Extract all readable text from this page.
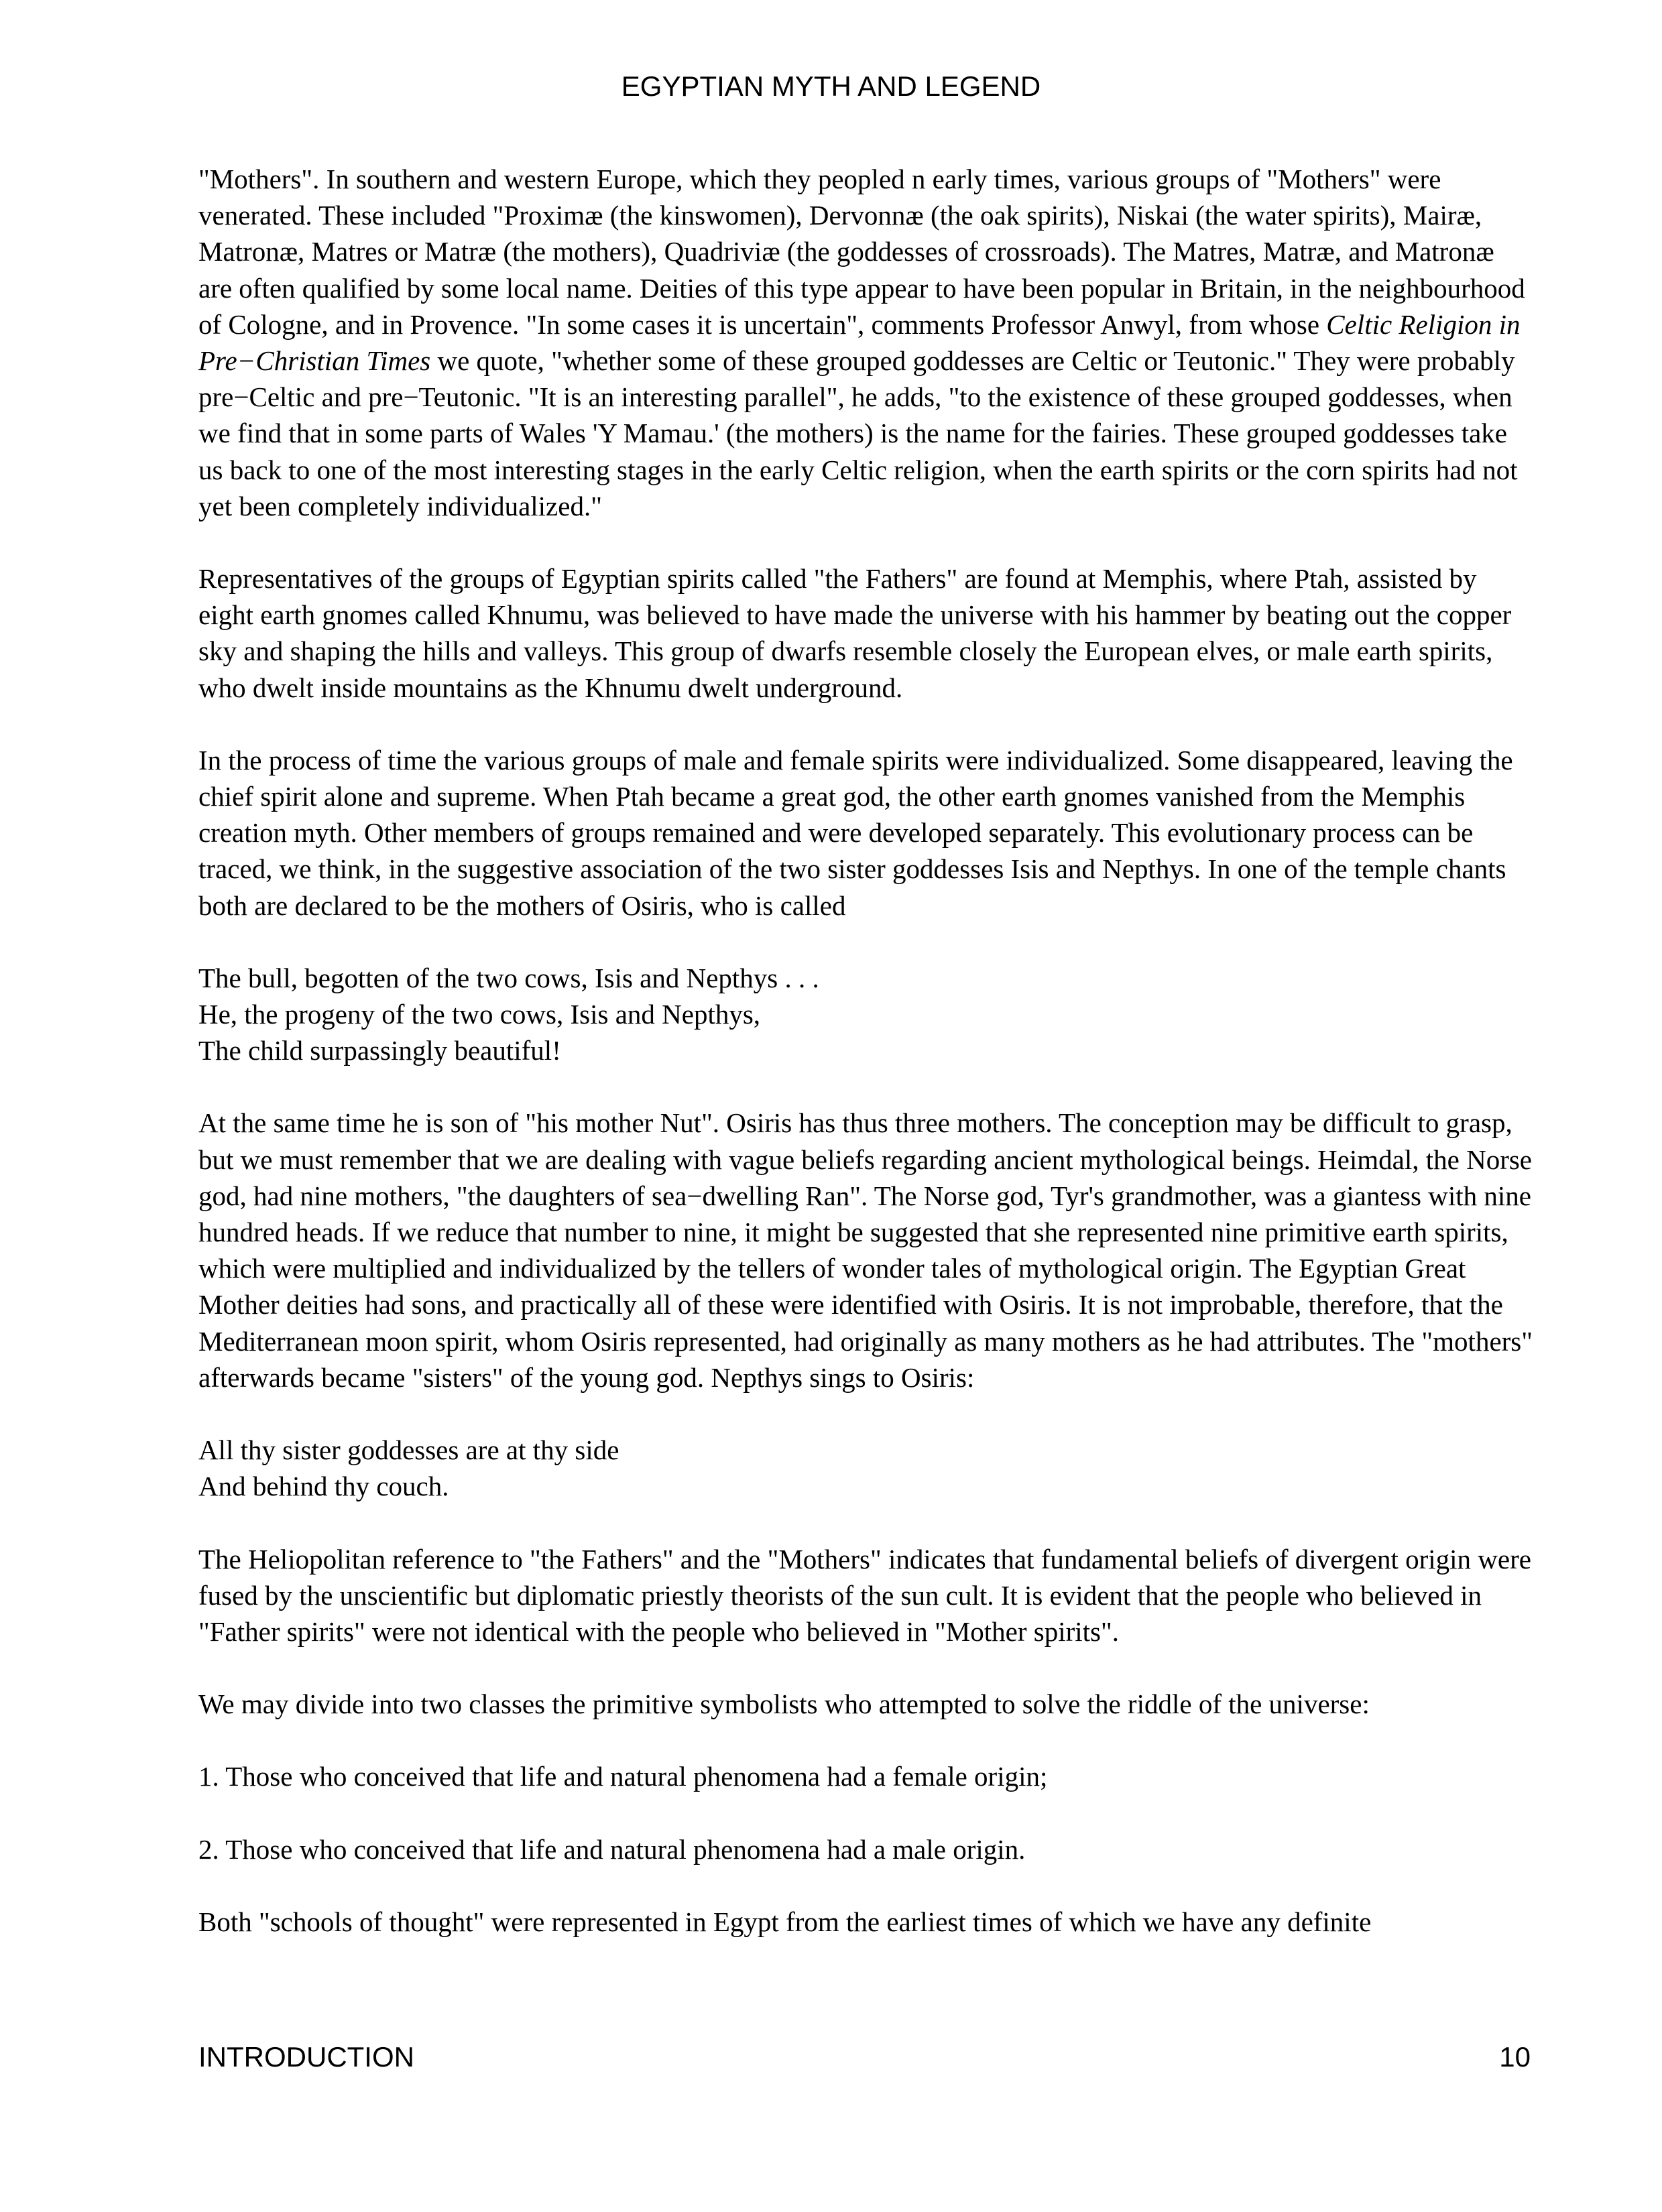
EGYPTIAN MYTH AND LEGEND

"Mothers". In southern and western Europe, which they peopled n early times, various groups of "Mothers" were venerated. These included "Proximæ (the kinswomen), Dervonnæ (the oak spirits), Niskai (the water spirits), Mairæ, Matronæ, Matres or Matræ (the mothers), Quadriviæ (the goddesses of crossroads). The Matres, Matræ, and Matronæ are often qualified by some local name. Deities of this type appear to have been popular in Britain, in the neighbourhood of Cologne, and in Provence. "In some cases it is uncertain", comments Professor Anwyl, from whose Celtic Religion in Pre−Christian Times we quote, "whether some of these grouped goddesses are Celtic or Teutonic." They were probably pre−Celtic and pre−Teutonic. "It is an interesting parallel", he adds, "to the existence of these grouped goddesses, when we find that in some parts of Wales 'Y Mamau.' (the mothers) is the name for the fairies. These grouped goddesses take us back to one of the most interesting stages in the early Celtic religion, when the earth spirits or the corn spirits had not yet been completely individualized."

Representatives of the groups of Egyptian spirits called "the Fathers" are found at Memphis, where Ptah, assisted by eight earth gnomes called Khnumu, was believed to have made the universe with his hammer by beating out the copper sky and shaping the hills and valleys. This group of dwarfs resemble closely the European elves, or male earth spirits, who dwelt inside mountains as the Khnumu dwelt underground.

In the process of time the various groups of male and female spirits were individualized. Some disappeared, leaving the chief spirit alone and supreme. When Ptah became a great god, the other earth gnomes vanished from the Memphis creation myth. Other members of groups remained and were developed separately. This evolutionary process can be traced, we think, in the suggestive association of the two sister goddesses Isis and Nepthys. In one of the temple chants both are declared to be the mothers of Osiris, who is called

The bull, begotten of the two cows, Isis and Nepthys . . .
He, the progeny of the two cows, Isis and Nepthys,
The child surpassingly beautiful!

At the same time he is son of "his mother Nut". Osiris has thus three mothers. The conception may be difficult to grasp, but we must remember that we are dealing with vague beliefs regarding ancient mythological beings. Heimdal, the Norse god, had nine mothers, "the daughters of sea−dwelling Ran". The Norse god, Tyr's grandmother, was a giantess with nine hundred heads. If we reduce that number to nine, it might be suggested that she represented nine primitive earth spirits, which were multiplied and individualized by the tellers of wonder tales of mythological origin. The Egyptian Great Mother deities had sons, and practically all of these were identified with Osiris. It is not improbable, therefore, that the Mediterranean moon spirit, whom Osiris represented, had originally as many mothers as he had attributes. The "mothers" afterwards became "sisters" of the young god. Nepthys sings to Osiris:

All thy sister goddesses are at thy side
And behind thy couch.

The Heliopolitan reference to "the Fathers" and the "Mothers" indicates that fundamental beliefs of divergent origin were fused by the unscientific but diplomatic priestly theorists of the sun cult. It is evident that the people who believed in "Father spirits" were not identical with the people who believed in "Mother spirits".

We may divide into two classes the primitive symbolists who attempted to solve the riddle of the universe:

1. Those who conceived that life and natural phenomena had a female origin;

2. Those who conceived that life and natural phenomena had a male origin.

Both "schools of thought" were represented in Egypt from the earliest times of which we have any definite

INTRODUCTION	10
